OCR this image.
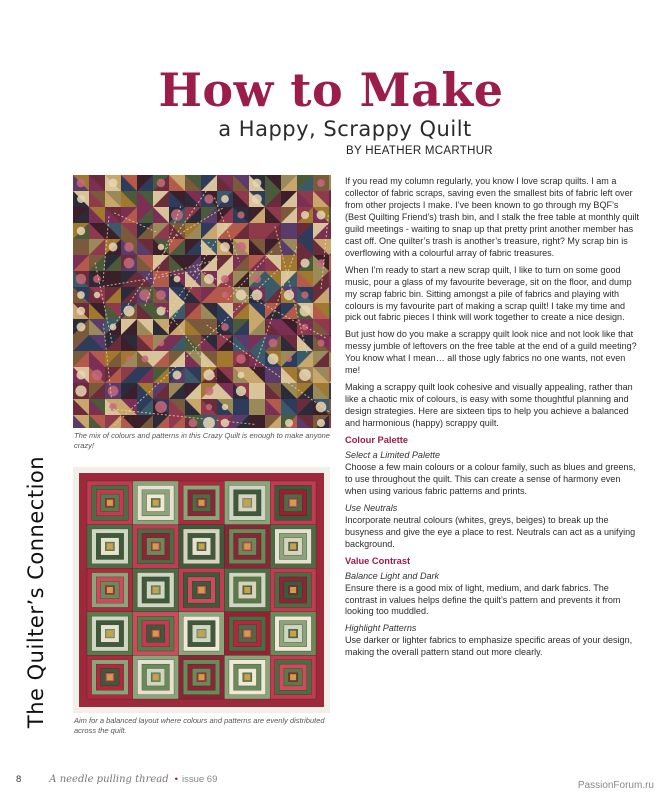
How to Make
a Happy, Scrappy Quilt
BY HEATHER MCARTHUR
The Quilter’s Connection
The mix of colours and patterns in this Crazy Quilt is enough to make anyone crazy!
Aim for a balanced layout where colours and patterns are evenly distributed across the quilt.

If you read my column regularly, you know I love scrap quilts. I am a collector of fabric scraps, saving even the smallest bits of fabric left over from other projects I make. I’ve been known to go through my BQF’s (Best Quilting Friend’s) trash bin, and I stalk the free table at monthly quilt guild meetings - waiting to snap up that pretty print another member has cast off. One quilter’s trash is another’s treasure, right? My scrap bin is overflowing with a colourful array of fabric treasures.

When I’m ready to start a new scrap quilt, I like to turn on some good music, pour a glass of my favourite beverage, sit on the floor, and dump my scrap fabric bin. Sitting amongst a pile of fabrics and playing with colours is my favourite part of making a scrap quilt! I take my time and pick out fabric pieces I think will work together to create a nice design.

But just how do you make a scrappy quilt look nice and not look like that messy jumble of leftovers on the free table at the end of a guild meeting? You know what I mean… all those ugly fabrics no one wants, not even me!

Making a scrappy quilt look cohesive and visually appealing, rather than like a chaotic mix of colours, is easy with some thoughtful planning and design strategies. Here are sixteen tips to help you achieve a balanced and harmonious (happy) scrappy quilt.

Colour Palette
Select a Limited Palette
Choose a few main colours or a colour family, such as blues and greens, to use throughout the quilt. This can create a sense of harmony even when using various fabric patterns and prints.
Use Neutrals
Incorporate neutral colours (whites, greys, beiges) to break up the busyness and give the eye a place to rest. Neutrals can act as a unifying background.
Value Contrast
Balance Light and Dark
Ensure there is a good mix of light, medium, and dark fabrics. The contrast in values helps define the quilt’s pattern and prevents it from looking too muddled.
Highlight Patterns
Use darker or lighter fabrics to emphasize specific areas of your design, making the overall pattern stand out more clearly.
8	A needle pulling thread • issue 69
PassionForum.ru
